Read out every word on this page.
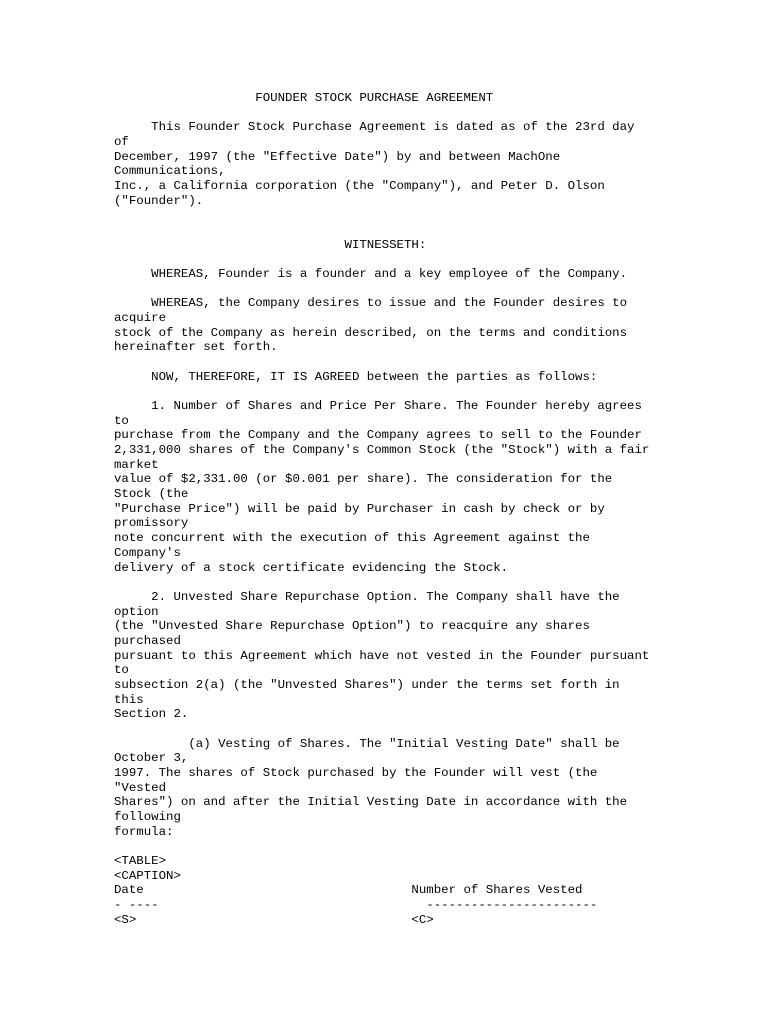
FOUNDER STOCK PURCHASE AGREEMENT

This Founder Stock Purchase Agreement is dated as of the 23rd day
of
December, 1997 (the "Effective Date") by and between MachOne
Communications,
Inc., a California corporation (the "Company"), and Peter D. Olson
("Founder").

WITNESSETH:

WHEREAS, Founder is a founder and a key employee of the Company.

WHEREAS, the Company desires to issue and the Founder desires to
acquire
stock of the Company as herein described, on the terms and conditions
hereinafter set forth.

NOW, THEREFORE, IT IS AGREED between the parties as follows:

1. Number of Shares and Price Per Share. The Founder hereby agrees
to
purchase from the Company and the Company agrees to sell to the Founder
2,331,000 shares of the Company's Common Stock (the "Stock") with a fair
market
value of $2,331.00 (or $0.001 per share). The consideration for the
Stock (the
"Purchase Price") will be paid by Purchaser in cash by check or by
promissory
note concurrent with the execution of this Agreement against the
Company's
delivery of a stock certificate evidencing the Stock.

2. Unvested Share Repurchase Option. The Company shall have the
option
(the "Unvested Share Repurchase Option") to reacquire any shares
purchased
pursuant to this Agreement which have not vested in the Founder pursuant
to
subsection 2(a) (the "Unvested Shares") under the terms set forth in
this
Section 2.

(a) Vesting of Shares. The "Initial Vesting Date" shall be
October 3,
1997. The shares of Stock purchased by the Founder will vest (the
"Vested
Shares") on and after the Initial Vesting Date in accordance with the
following
formula:

<TABLE>
<CAPTION>
Date                                    Number of Shares Vested
- ----                                    -----------------------
<S>                                     <C>
